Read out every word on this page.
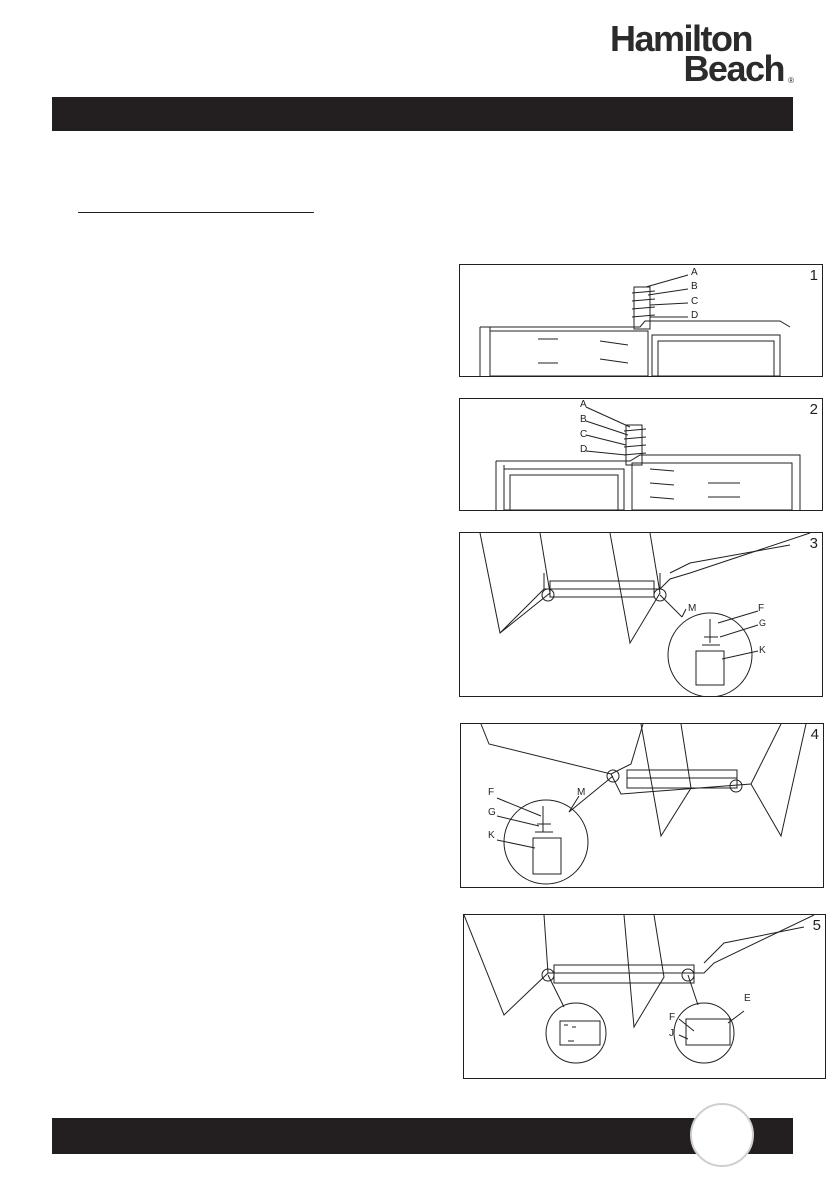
Hamilton
Beach ®
1
A
B
C
D
2
A
B
C
D
3
M	F
G
K
4
F	M
G
K
5
E
F
J
